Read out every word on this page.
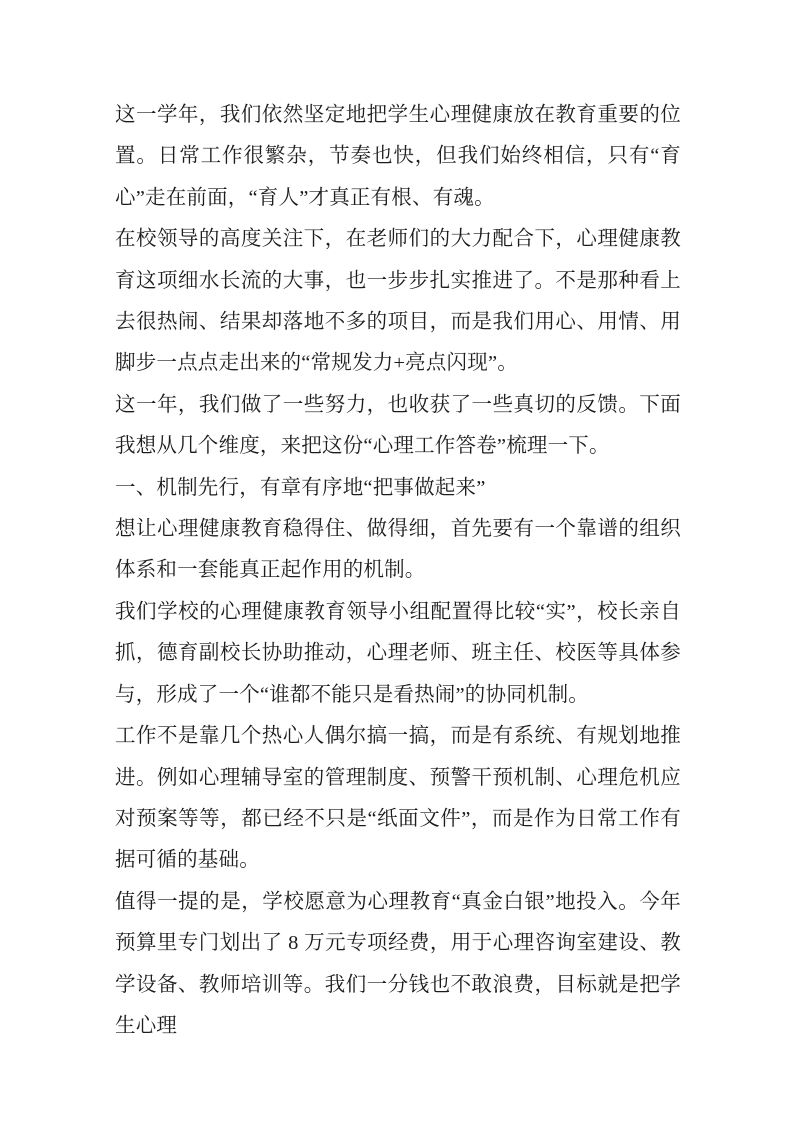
这一学年，我们依然坚定地把学生心理健康放在教育重要的位置。日常工作很繁杂，节奏也快，但我们始终相信，只有“育心”走在前面，“育人”才真正有根、有魂。

在校领导的高度关注下，在老师们的大力配合下，心理健康教育这项细水长流的大事，也一步步扎实推进了。不是那种看上去很热闹、结果却落地不多的项目，而是我们用心、用情、用脚步一点点走出来的“常规发力+亮点闪现”。

这一年，我们做了一些努力，也收获了一些真切的反馈。下面我想从几个维度，来把这份“心理工作答卷”梳理一下。

一、机制先行，有章有序地“把事做起来”

想让心理健康教育稳得住、做得细，首先要有一个靠谱的组织体系和一套能真正起作用的机制。

我们学校的心理健康教育领导小组配置得比较“实”，校长亲自抓，德育副校长协助推动，心理老师、班主任、校医等具体参与，形成了一个“谁都不能只是看热闹”的协同机制。

工作不是靠几个热心人偶尔搞一搞，而是有系统、有规划地推进。例如心理辅导室的管理制度、预警干预机制、心理危机应对预案等等，都已经不只是“纸面文件”，而是作为日常工作有据可循的基础。

值得一提的是，学校愿意为心理教育“真金白银”地投入。今年预算里专门划出了 8 万元专项经费，用于心理咨询室建设、教学设备、教师培训等。我们一分钱也不敢浪费，目标就是把学生心理
